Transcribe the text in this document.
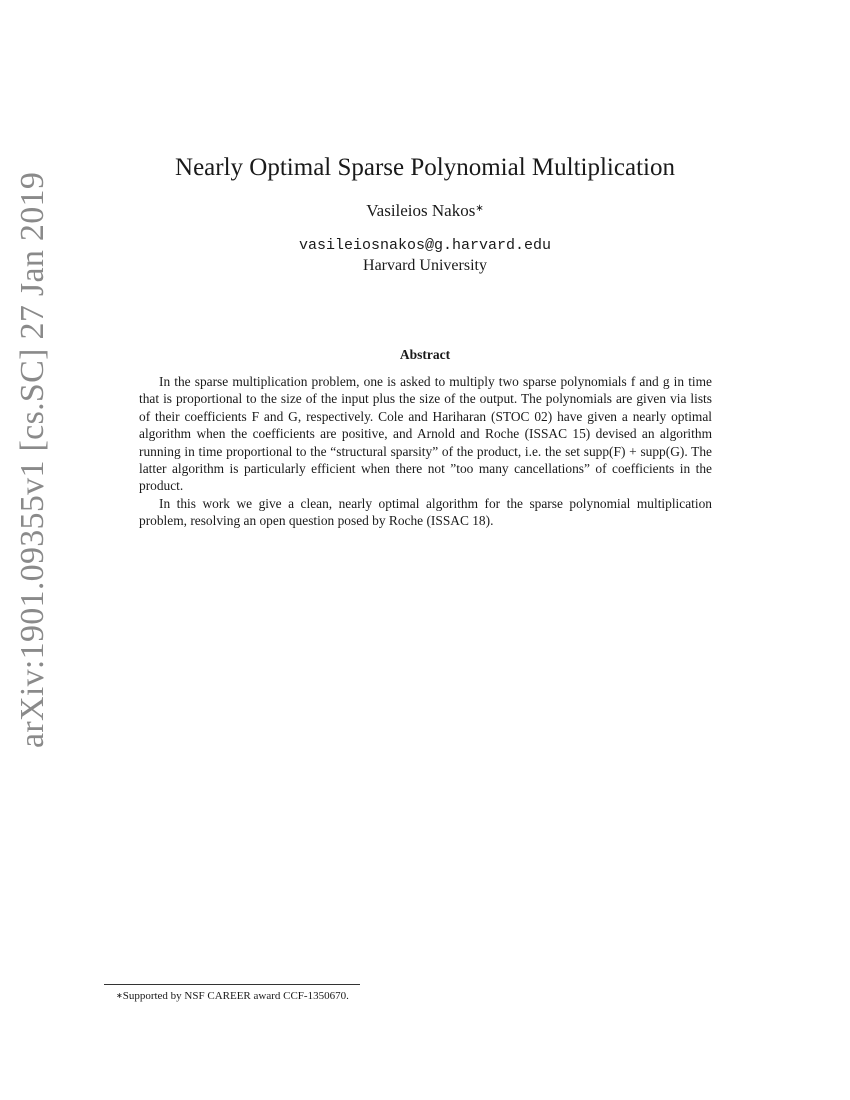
arXiv:1901.09355v1 [cs.SC] 27 Jan 2019
Nearly Optimal Sparse Polynomial Multiplication
Vasileios Nakos∗
vasileiosnakos@g.harvard.edu
Harvard University
Abstract

In the sparse multiplication problem, one is asked to multiply two sparse polynomials f and g in time that is proportional to the size of the input plus the size of the output. The polynomials are given via lists of their coefficients F and G, respectively. Cole and Hariharan (STOC 02) have given a nearly optimal algorithm when the coefficients are positive, and Arnold and Roche (ISSAC 15) devised an algorithm running in time proportional to the “structural sparsity” of the product, i.e. the set supp(F) + supp(G). The latter algorithm is particularly efficient when there not ”too many cancellations” of coefficients in the product.

In this work we give a clean, nearly optimal algorithm for the sparse polynomial multiplication problem, resolving an open question posed by Roche (ISSAC 18).

∗Supported by NSF CAREER award CCF-1350670.
